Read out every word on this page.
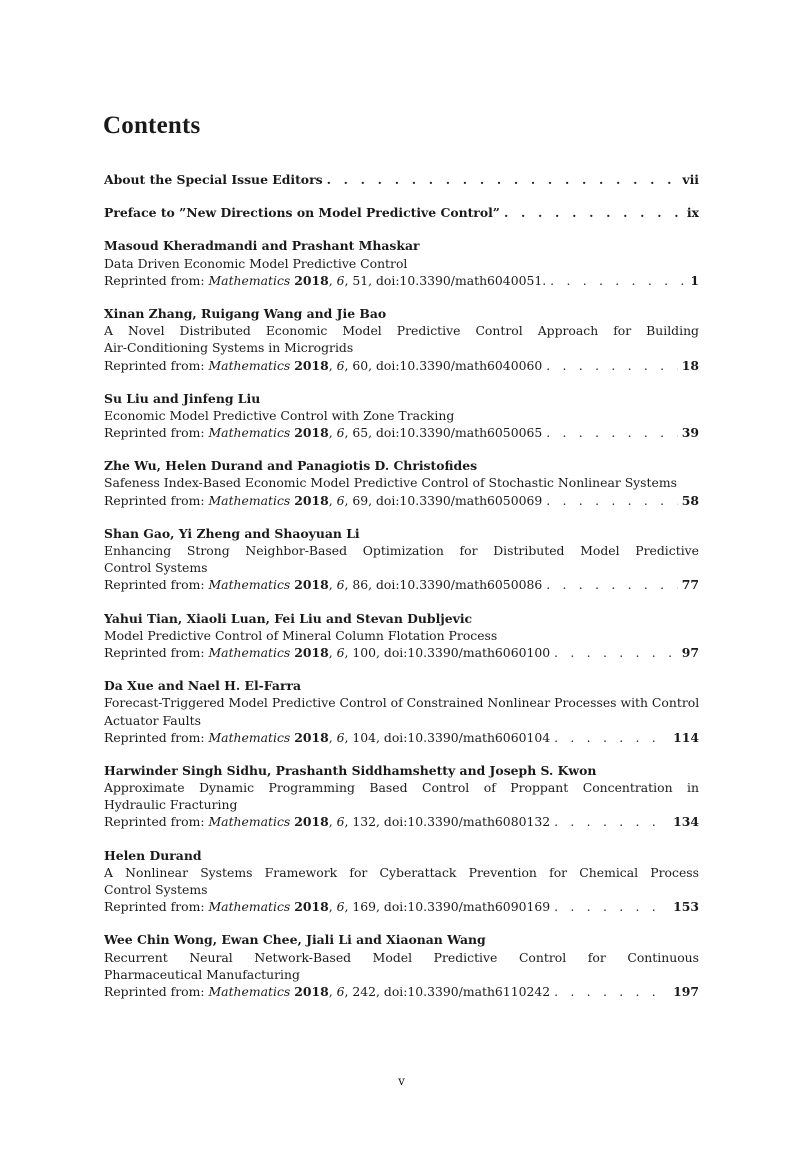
Contents
About the Special Issue Editors . . .	vii
Preface to ”New Directions on Model Predictive Control” . . .	ix
Masoud Kheradmandi and Prashant Mhaskar
Data Driven Economic Model Predictive Control
Reprinted from: Mathematics 2018, 6, 51, doi:10.3390/math6040051. . . .	1
Xinan Zhang, Ruigang Wang and Jie Bao
A Novel Distributed Economic Model Predictive Control Approach for Building
Air-Conditioning Systems in Microgrids
Reprinted from: Mathematics 2018, 6, 60, doi:10.3390/math6040060 . . .	18
Su Liu and Jinfeng Liu
Economic Model Predictive Control with Zone Tracking
Reprinted from: Mathematics 2018, 6, 65, doi:10.3390/math6050065 . . .	39
Zhe Wu, Helen Durand and Panagiotis D. Christofides
Safeness Index-Based Economic Model Predictive Control of Stochastic Nonlinear Systems
Reprinted from: Mathematics 2018, 6, 69, doi:10.3390/math6050069 . . .	58
Shan Gao, Yi Zheng and Shaoyuan Li
Enhancing Strong Neighbor-Based Optimization for Distributed Model Predictive
Control Systems
Reprinted from: Mathematics 2018, 6, 86, doi:10.3390/math6050086 . . .	77
Yahui Tian, Xiaoli Luan, Fei Liu and Stevan Dubljevic
Model Predictive Control of Mineral Column Flotation Process
Reprinted from: Mathematics 2018, 6, 100, doi:10.3390/math6060100 . . .	97
Da Xue and Nael H. El-Farra
Forecast-Triggered Model Predictive Control of Constrained Nonlinear Processes with Control
Actuator Faults
Reprinted from: Mathematics 2018, 6, 104, doi:10.3390/math6060104 . . .	114
Harwinder Singh Sidhu, Prashanth Siddhamshetty and Joseph S. Kwon
Approximate Dynamic Programming Based Control of Proppant Concentration in
Hydraulic Fracturing
Reprinted from: Mathematics 2018, 6, 132, doi:10.3390/math6080132 . . .	134
Helen Durand
A Nonlinear Systems Framework for Cyberattack Prevention for Chemical Process
Control Systems
Reprinted from: Mathematics 2018, 6, 169, doi:10.3390/math6090169 . . .	153
Wee Chin Wong, Ewan Chee, Jiali Li and Xiaonan Wang
Recurrent Neural Network-Based Model Predictive Control for Continuous
Pharmaceutical Manufacturing
Reprinted from: Mathematics 2018, 6, 242, doi:10.3390/math6110242 . . .	197
v
